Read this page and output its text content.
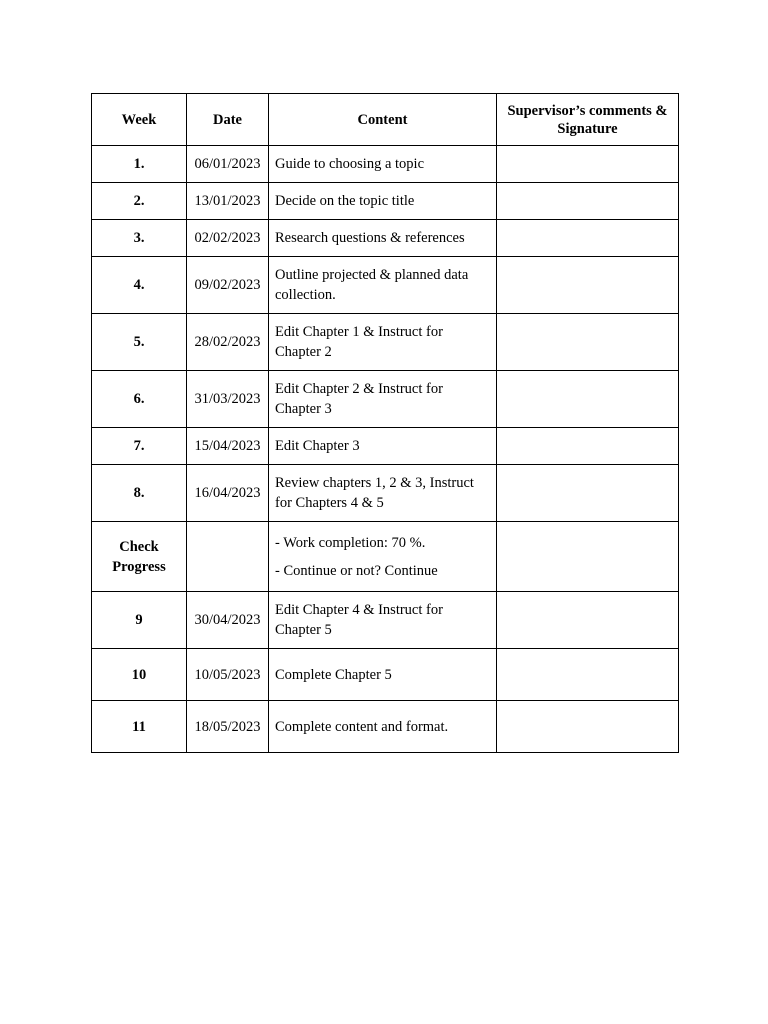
Week	Date	Content	Supervisor’s comments & Signature
1.	06/01/2023	Guide to choosing a topic	
2.	13/01/2023	Decide on the topic title	
3.	02/02/2023	Research questions & references	
4.	09/02/2023	Outline projected & planned data collection.	
5.	28/02/2023	Edit Chapter 1 & Instruct for Chapter 2	
6.	31/03/2023	Edit Chapter 2 & Instruct for Chapter 3	
7.	15/04/2023	Edit Chapter 3	
8.	16/04/2023	Review chapters 1, 2 & 3, Instruct for Chapters 4 & 5	
Check Progress		- Work completion: 70 %.
- Continue or not? Continue	

9	30/04/2023	Edit Chapter 4 & Instruct for Chapter 5	
10	10/05/2023	Complete Chapter 5	
11	18/05/2023	Complete content and format.	
